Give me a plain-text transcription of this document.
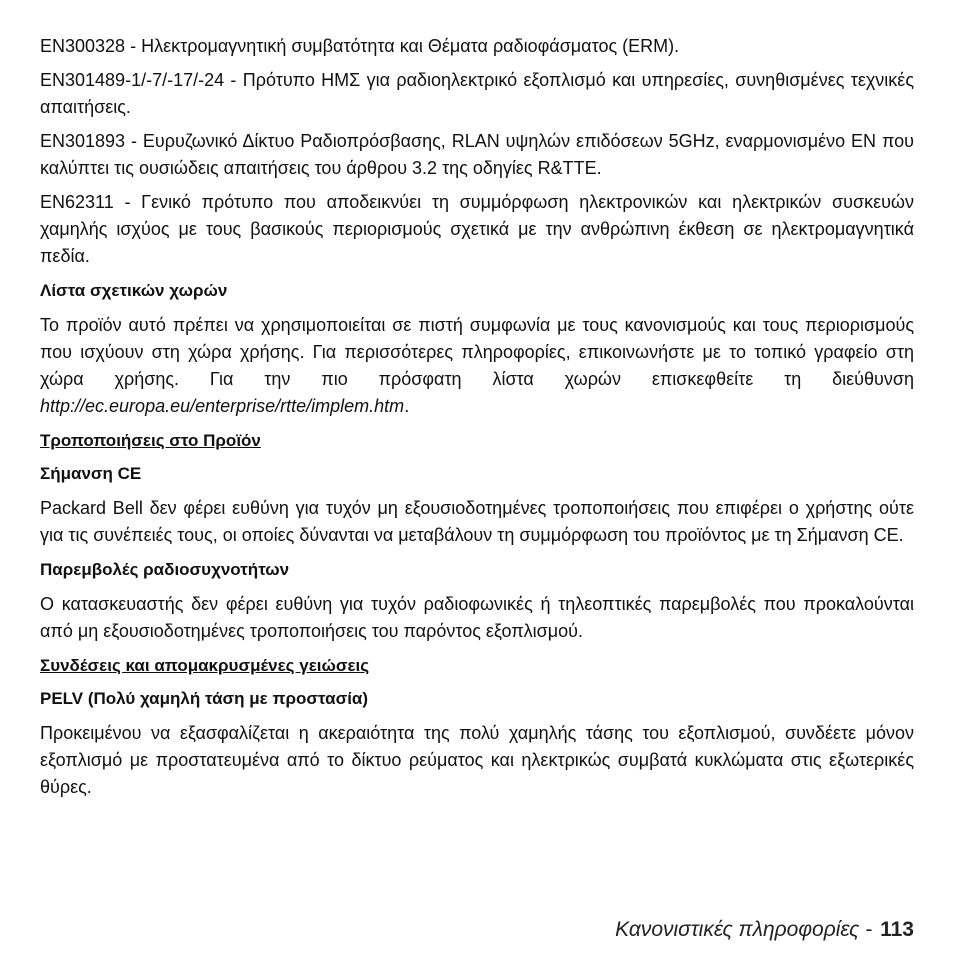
EN300328 - Ηλεκτρομαγνητική συμβατότητα και Θέματα ραδιοφάσματος (ERM).

EN301489-1/-7/-17/-24 - Πρότυπο ΗΜΣ για ραδιοηλεκτρικό εξοπλισμό και υπηρεσίες, συνηθισμένες τεχνικές απαιτήσεις.

EN301893 - Ευρυζωνικό Δίκτυο Ραδιοπρόσβασης, RLAN υψηλών επιδόσεων 5GHz, εναρμονισμένο EN που καλύπτει τις ουσιώδεις απαιτήσεις του άρθρου 3.2 της οδηγίες R&TTE.

EN62311 - Γενικό πρότυπο που αποδεικνύει τη συμμόρφωση ηλεκτρονικών και ηλεκτρικών συσκευών χαμηλής ισχύος με τους βασικούς περιορισμούς σχετικά με την ανθρώπινη έκθεση σε ηλεκτρομαγνητικά πεδία.

Λίστα σχετικών χωρών

Το προϊόν αυτό πρέπει να χρησιμοποιείται σε πιστή συμφωνία με τους κανονισμούς και τους περιορισμούς που ισχύουν στη χώρα χρήσης. Για περισσότερες πληροφορίες, επικοινωνήστε με το τοπικό γραφείο στη χώρα χρήσης. Για την πιο πρόσφατη λίστα χωρών επισκεφθείτε τη διεύθυνση http://ec.europa.eu/enterprise/rtte/implem.htm.

Τροποποιήσεις στο Προϊόν

Σήμανση CE

Packard Bell δεν φέρει ευθύνη για τυχόν μη εξουσιοδοτημένες τροποποιήσεις που επιφέρει ο χρήστης ούτε για τις συνέπειές τους, οι οποίες δύνανται να μεταβάλουν τη συμμόρφωση του προϊόντος με τη Σήμανση CE.

Παρεμβολές ραδιοσυχνοτήτων

Ο κατασκευαστής δεν φέρει ευθύνη για τυχόν ραδιοφωνικές ή τηλεοπτικές παρεμβολές που προκαλούνται από μη εξουσιοδοτημένες τροποποιήσεις του παρόντος εξοπλισμού.

Συνδέσεις και απομακρυσμένες γειώσεις

PELV (Πολύ χαμηλή τάση με προστασία)

Προκειμένου να εξασφαλίζεται η ακεραιότητα της πολύ χαμηλής τάσης του εξοπλισμού, συνδέετε μόνον εξοπλισμό με προστατευμένα από το δίκτυο ρεύματος και ηλεκτρικώς συμβατά κυκλώματα στις εξωτερικές θύρες.

Κανονιστικές πληροφορίες - 113
